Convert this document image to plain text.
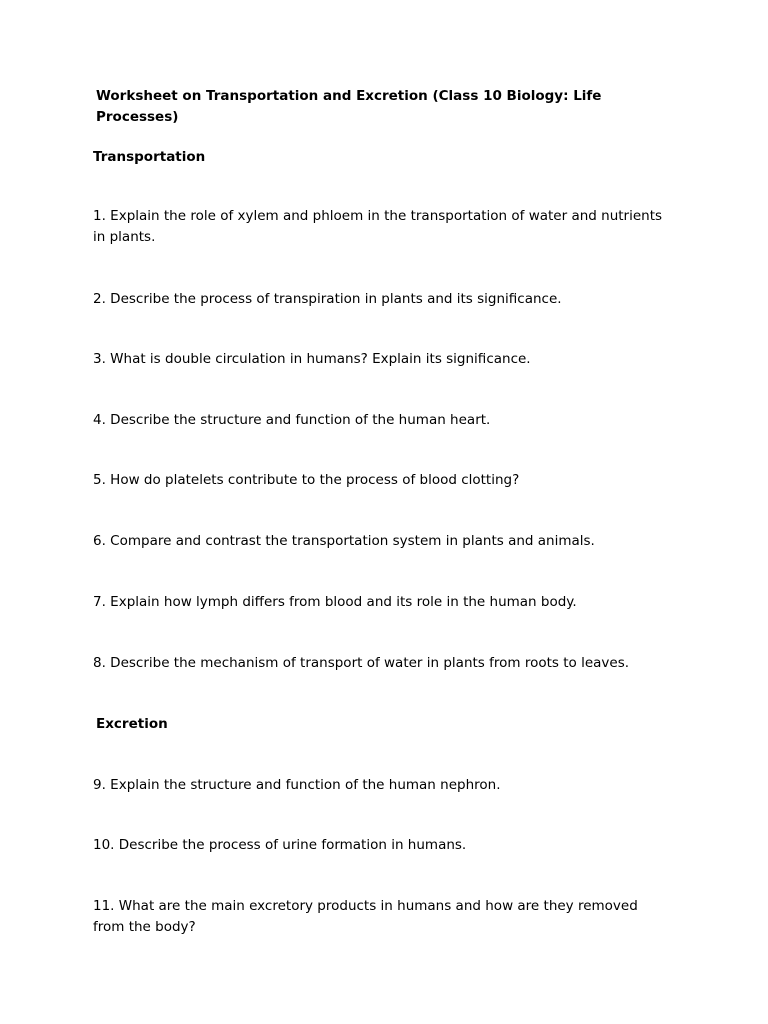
Worksheet on Transportation and Excretion (Class 10 Biology: Life Processes)
Transportation

1. Explain the role of xylem and phloem in the transportation of water and nutrients in plants.

2. Describe the process of transpiration in plants and its significance.

3. What is double circulation in humans? Explain its significance.

4. Describe the structure and function of the human heart.

5. How do platelets contribute to the process of blood clotting?

6. Compare and contrast the transportation system in plants and animals.

7. Explain how lymph differs from blood and its role in the human body.

8. Describe the mechanism of transport of water in plants from roots to leaves.

Excretion

9. Explain the structure and function of the human nephron.

10. Describe the process of urine formation in humans.

11. What are the main excretory products in humans and how are they removed from the body?
